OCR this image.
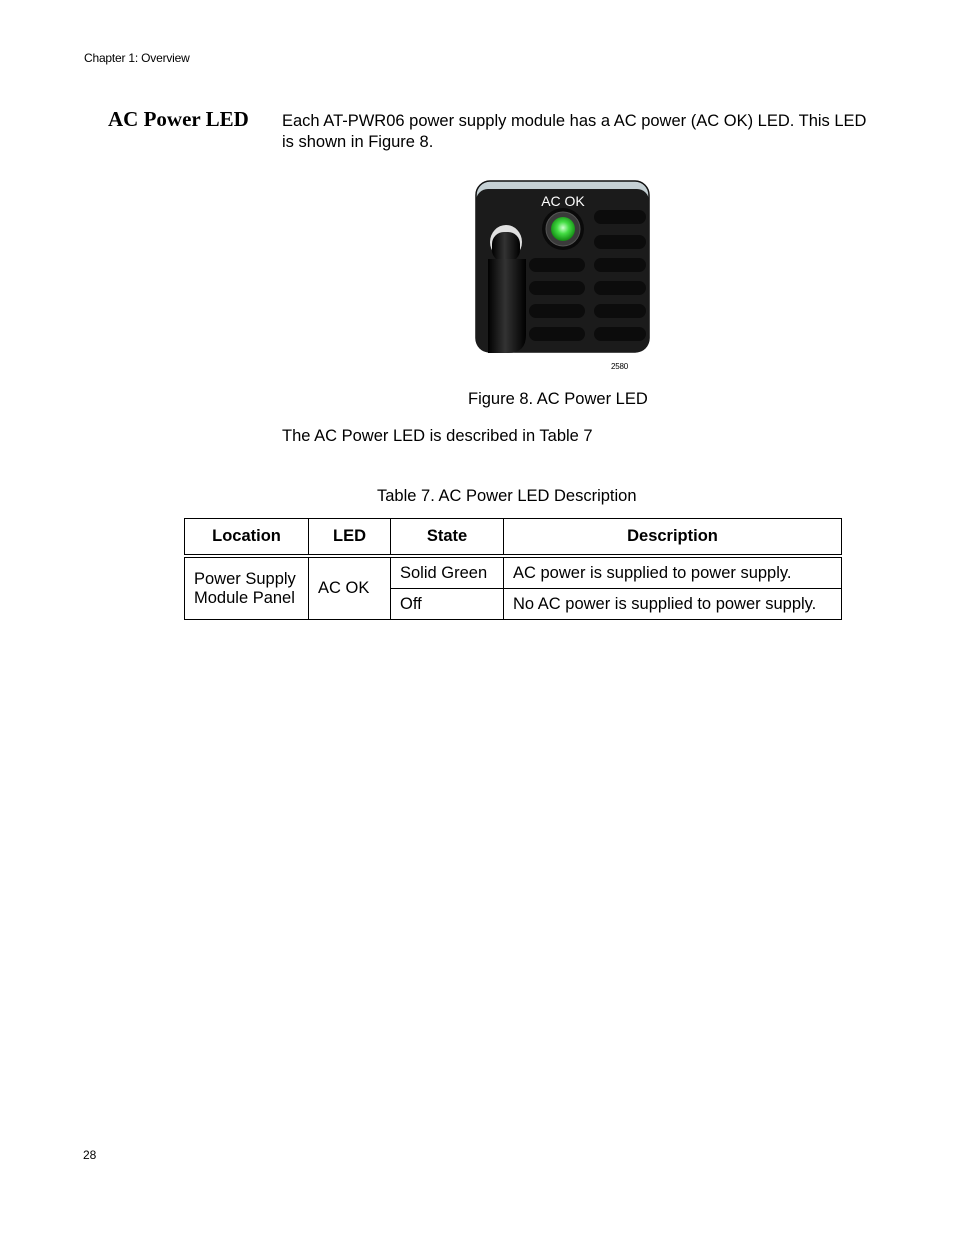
Chapter 1: Overview
AC Power LED Each AT-PWR06 power supply module has a AC power (AC OK) LED. This LED is shown in Figure 8.

AC OK
2580

Figure 8. AC Power LED

The AC Power LED is described in Table 7

Table 7. AC Power LED Description

Location	LED	State	Description
Power Supply Module Panel	AC OK	Solid Green	AC power is supplied to power supply.
		Off	No AC power is supplied to power supply.
28
